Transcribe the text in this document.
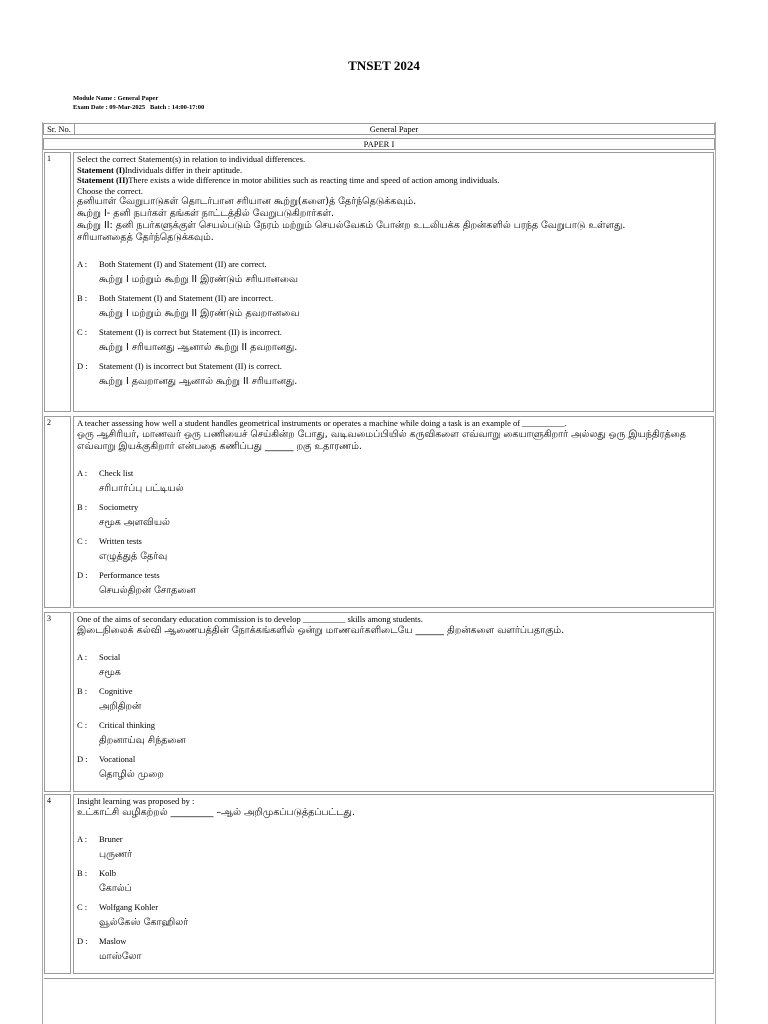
TNSET 2024
Module Name : General Paper
Exam Date : 09-Mar-2025 Batch : 14:00-17:00
Sr. No.	General Paper
PAPER I
1	Select the correct Statement(s) in relation to individual differences.

Statement (I)Individuals differ in their aptitude.

Statement (II)There exists a wide difference in motor abilities such as reacting time and speed of action among individuals.

Choose the correct.

தனியாள் வேறுபாடுகள் தொடர்பான சரியான கூற்று(களை)த் தேர்ந்தெடுக்கவும்.

கூற்று I- தனி நபர்கள் தங்கள் நாட்டத்தில் வேறுபடுகிறார்கள்.

கூற்று II: தனி நபர்களுக்குள் செயல்படும் நேரம் மற்றும் செயல்வேகம் போன்ற உடலியக்க திறன்களில் பரந்த வேறுபாடு உள்ளது.

சரியானதைத் தேர்ந்தெடுக்கவும்.

A :	Both Statement (I) and Statement (II) are correct.
கூற்று I மற்றும் கூற்று II இரண்டும் சரியானவை
B :	Both Statement (I) and Statement (II) are incorrect.
கூற்று I மற்றும் கூற்று II இரண்டும் தவறானவை
C :	Statement (I) is correct but Statement (II) is incorrect.
கூற்று I சரியானது ஆனால் கூற்று II தவறானது.
D :	Statement (I) is incorrect but Statement (II) is correct.
கூற்று I தவறானது ஆனால் கூற்று II சரியானது.
2	A teacher assessing how well a student handles geometrical instruments or operates a machine while doing a task is an example of __________.

ஒரு ஆசிரியர், மாணவர் ஒரு பணியைச் செய்கின்ற போது, வடிவமைப்பியில் கருவிகளை எவ்வாறு கையாளுகிறார் அல்லது ஒரு இயந்திரத்தை எவ்வாறு இயக்குகிறார் என்பதை கணிப்பது ______ றகு உதாரணம்.

A :	Check list
சரிபார்ப்பு பட்டியல்
B :	Sociometry
சமூக அளவியல்
C :	Written tests
எழுத்துத் தேர்வு
D :	Performance tests
செயல்திறன் சோதனை
3	One of the aims of secondary education commission is to develop __________ skills among students.

இடைநிலைக் கல்வி ஆணையத்தின் நோக்கங்களில் ஒன்று மாணவர்களிடையே ______ திறன்களை வளர்ப்பதாகும்.

A :	Social
சமூக
B :	Cognitive
அறிதிறன்
C :	Critical thinking
திறனாய்வு சிந்தனை
D :	Vocational
தொழில் முறை
4	Insight learning was proposed by :

உட்காட்சி வழிகற்றல் _________ –ஆல் அறிமுகப்படுத்தப்பட்டது.

A :	Bruner
புருணர்
B :	Kolb
கோல்ப்
C :	Wolfgang Kohler
வூல்கேஸ் கோஹிலர்
D :	Maslow
மாஸ்லோ
